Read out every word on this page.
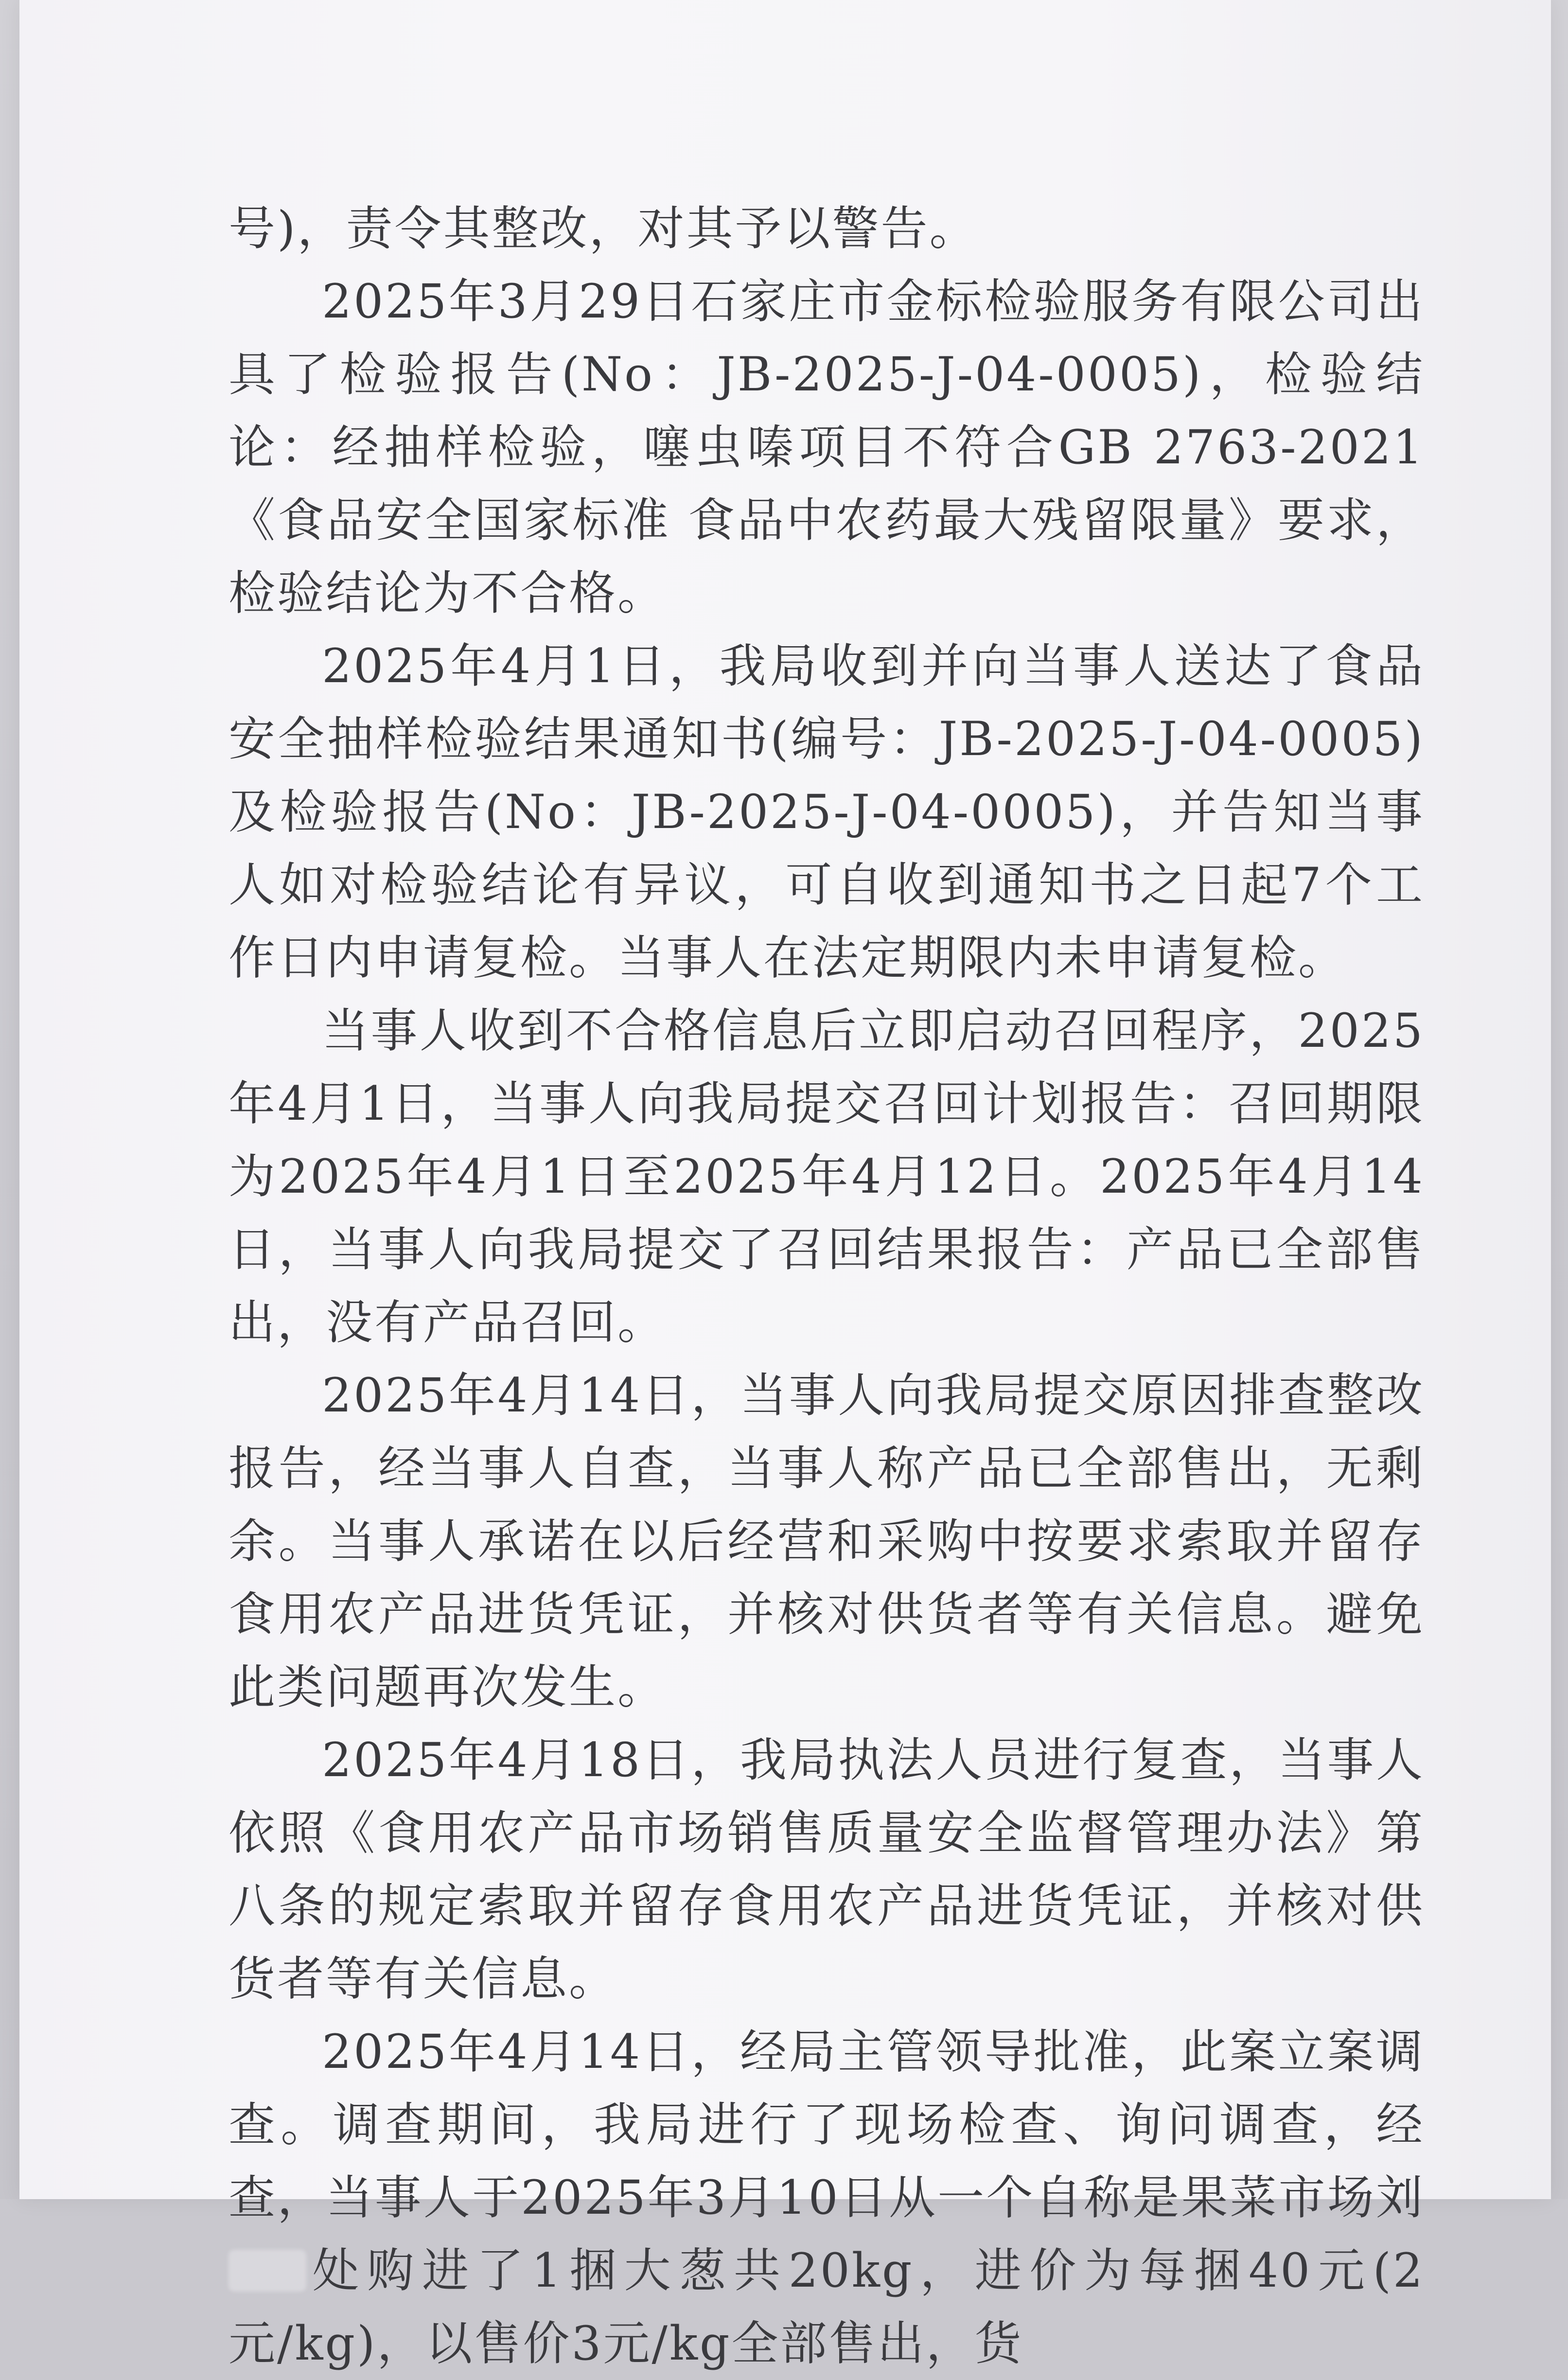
号)，责令其整改，对其予以警告。

2025年3月29日石家庄市金标检验服务有限公司出具了检验报告(No：JB-2025-J-04-0005)，检验结论：经抽样检验，噻虫嗪项目不符合GB 2763-2021《食品安全国家标准 食品中农药最大残留限量》要求，检验结论为不合格。

2025年4月1日，我局收到并向当事人送达了食品安全抽样检验结果通知书(编号：JB-2025-J-04-0005)及检验报告(No：JB-2025-J-04-0005)，并告知当事人如对检验结论有异议，可自收到通知书之日起7个工作日内申请复检。当事人在法定期限内未申请复检。

当事人收到不合格信息后立即启动召回程序，2025年4月1日，当事人向我局提交召回计划报告：召回期限为2025年4月1日至2025年4月12日。2025年4月14日，当事人向我局提交了召回结果报告：产品已全部售出，没有产品召回。

2025年4月14日，当事人向我局提交原因排查整改报告，经当事人自查，当事人称产品已全部售出，无剩余。当事人承诺在以后经营和采购中按要求索取并留存食用农产品进货凭证，并核对供货者等有关信息。避免此类问题再次发生。

2025年4月18日，我局执法人员进行复查，当事人依照《食用农产品市场销售质量安全监督管理办法》第八条的规定索取并留存食用农产品进货凭证，并核对供货者等有关信息。

2025年4月14日，经局主管领导批准，此案立案调查。调查期间，我局进行了现场检查、询问调查，经查，当事人于2025年3月10日从一个自称是果菜市场刘处购进了1捆大葱共20kg，进价为每捆40元(2元/kg)，以售价3元/kg全部售出，货
